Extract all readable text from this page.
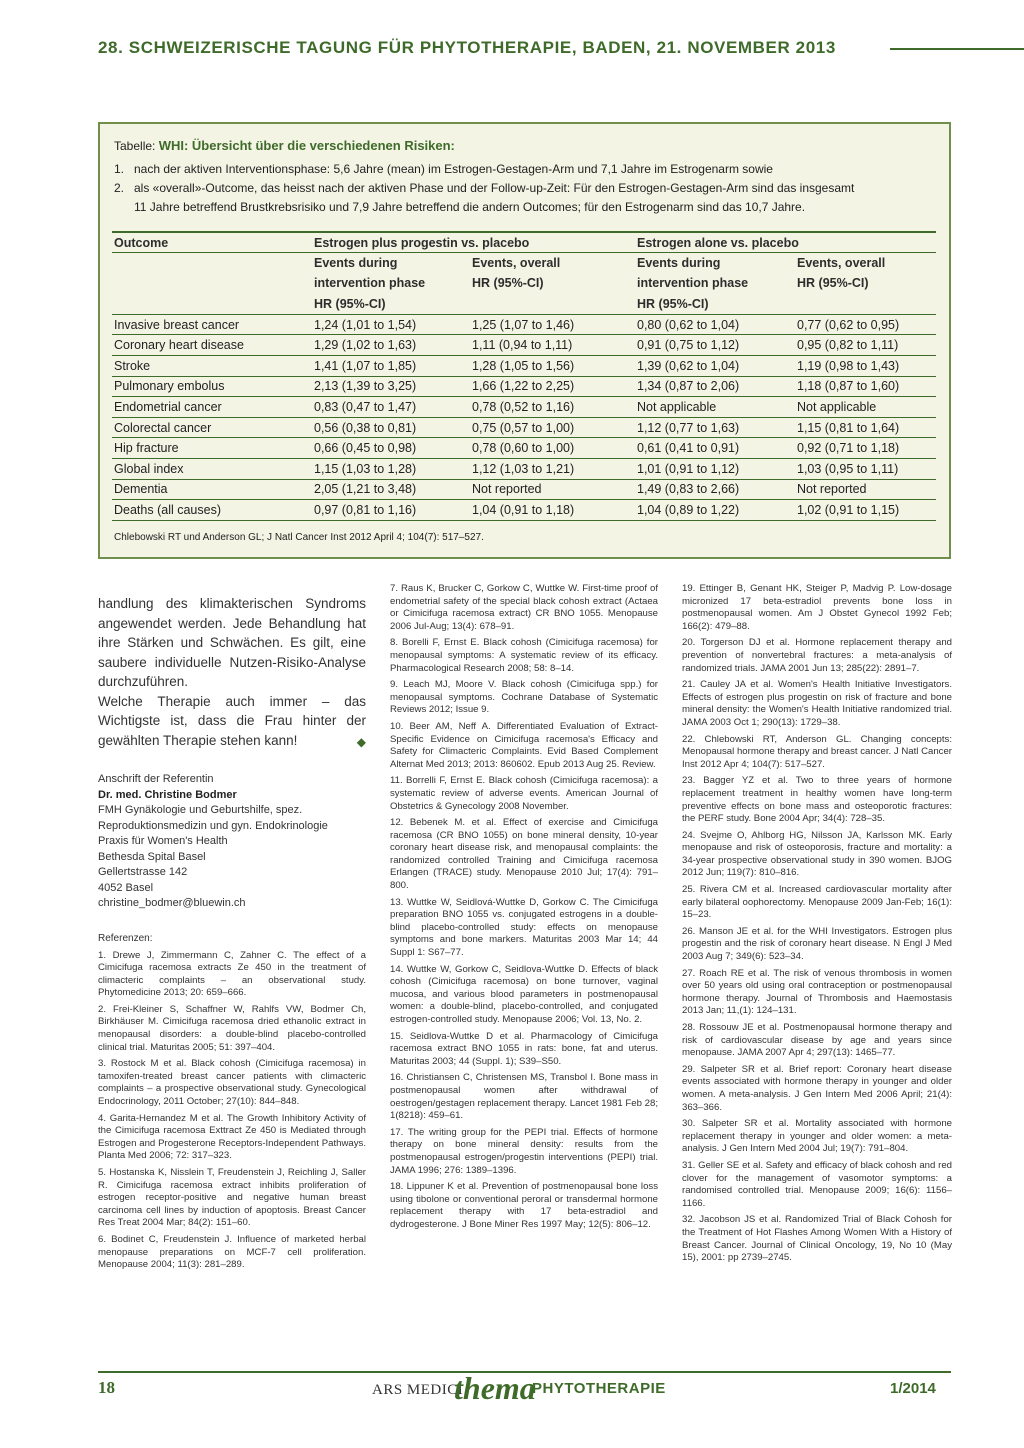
28. SCHWEIZERISCHE TAGUNG FÜR PHYTOTHERAPIE, BADEN, 21. NOVEMBER 2013
Tabelle: WHI: Übersicht über die verschiedenen Risiken:
1. nach der aktiven Interventionsphase: 5,6 Jahre (mean) im Estrogen-Gestagen-Arm und 7,1 Jahre im Estrogenarm sowie
2. als «overall»-Outcome, das heisst nach der aktiven Phase und der Follow-up-Zeit: Für den Estrogen-Gestagen-Arm sind das insgesamt
11 Jahre betreffend Brustkrebsrisiko und 7,9 Jahre betreffend die andern Outcomes; für den Estrogenarm sind das 10,7 Jahre.
Outcome	Estrogen plus progestin vs. placebo		Estrogen alone vs. placebo	
	Events during	Events, overall	Events during	Events, overall
	intervention phase	HR (95%-CI)	intervention phase	HR (95%-CI)
	HR (95%-CI)		HR (95%-CI)	
Invasive breast cancer	1,24 (1,01 to 1,54)	1,25 (1,07 to 1,46)	0,80 (0,62 to 1,04)	0,77 (0,62 to 0,95)
Coronary heart disease	1,29 (1,02 to 1,63)	1,11 (0,94 to 1,11)	0,91 (0,75 to 1,12)	0,95 (0,82 to 1,11)
Stroke	1,41 (1,07 to 1,85)	1,28 (1,05 to 1,56)	1,39 (0,62 to 1,04)	1,19 (0,98 to 1,43)
Pulmonary embolus	2,13 (1,39 to 3,25)	1,66 (1,22 to 2,25)	1,34 (0,87 to 2,06)	1,18 (0,87 to 1,60)
Endometrial cancer	0,83 (0,47 to 1,47)	0,78 (0,52 to 1,16)	Not applicable	Not applicable
Colorectal cancer	0,56 (0,38 to 0,81)	0,75 (0,57 to 1,00)	1,12 (0,77 to 1,63)	1,15 (0,81 to 1,64)
Hip fracture	0,66 (0,45 to 0,98)	0,78 (0,60 to 1,00)	0,61 (0,41 to 0,91)	0,92 (0,71 to 1,18)
Global index	1,15 (1,03 to 1,28)	1,12 (1,03 to 1,21)	1,01 (0,91 to 1,12)	1,03 (0,95 to 1,11)
Dementia	2,05 (1,21 to 3,48)	Not reported	1,49 (0,83 to 2,66)	Not reported
Deaths (all causes)	0,97 (0,81 to 1,16)	1,04 (0,91 to 1,18)	1,04 (0,89 to 1,22)	1,02 (0,91 to 1,15)
Chlebowski RT und Anderson GL; J Natl Cancer Inst 2012 April 4; 104(7): 517–527.

handlung des klimakterischen Syndroms angewendet werden. Jede Behandlung hat ihre Stärken und Schwächen. Es gilt, eine saubere individuelle Nutzen-Risiko-Analyse durchzuführen.

Welche Therapie auch immer – das Wichtigste ist, dass die Frau hinter der gewählten Therapie stehen kann!	◆

Anschrift der Referentin
Dr. med. Christine Bodmer
FMH Gynäkologie und Geburtshilfe, spez.
Reproduktionsmedizin und gyn. Endokrinologie
Praxis für Women's Health
Bethesda Spital Basel
Gellertstrasse 142
4052 Basel
christine_bodmer@bluewin.ch
Referenzen:

1. Drewe J, Zimmermann C, Zahner C. The effect of a Cimicifuga racemosa extracts Ze 450 in the treatment of climacteric complaints – an observational study. Phytomedicine 2013; 20: 659–666.

2. Frei-Kleiner S, Schaffner W, Rahlfs VW, Bodmer Ch, Birkhäuser M. Cimicifuga racemosa dried ethanolic extract in menopausal disorders: a double-blind placebo-controlled clinical trial. Maturitas 2005; 51: 397–404.

3. Rostock M et al. Black cohosh (Cimicifuga racemosa) in tamoxifen-treated breast cancer patients with climacteric complaints – a prospective observational study. Gynecological Endocrinology, 2011 October; 27(10): 844–848.

4. Garita-Hernandez M et al. The Growth Inhibitory Activity of the Cimicifuga racemosa Exttract Ze 450 is Mediated through Estrogen and Progesterone Receptors-Independent Pathways. Planta Med 2006; 72: 317–323.

5. Hostanska K, Nisslein T, Freudenstein J, Reichling J, Saller R. Cimicifuga racemosa extract inhibits proliferation of estrogen receptor-positive and negative human breast carcinoma cell lines by induction of apoptosis. Breast Cancer Res Treat 2004 Mar; 84(2): 151–60.

6. Bodinet C, Freudenstein J. Influence of marketed herbal menopause preparations on MCF-7 cell proliferation. Menopause 2004; 11(3): 281–289.

7. Raus K, Brucker C, Gorkow C, Wuttke W. First-time proof of endometrial safety of the special black cohosh extract (Actaea or Cimicifuga racemosa extract) CR BNO 1055. Menopause 2006 Jul-Aug; 13(4): 678–91.

8. Borelli F, Ernst E. Black cohosh (Cimicifuga racemosa) for menopausal symptoms: A systematic review of its efficacy. Pharmacological Research 2008; 58: 8–14.

9. Leach MJ, Moore V. Black cohosh (Cimicifuga spp.) for menopausal symptoms. Cochrane Database of Systematic Reviews 2012; Issue 9.

10. Beer AM, Neff A. Differentiated Evaluation of Extract-Specific Evidence on Cimicifuga racemosa's Efficacy and Safety for Climacteric Complaints. Evid Based Complement Alternat Med 2013; 2013: 860602. Epub 2013 Aug 25. Review.

11. Borrelli F, Ernst E. Black cohosh (Cimicifuga racemosa): a systematic review of adverse events. American Journal of Obstetrics & Gynecology 2008 November.

12. Bebenek M. et al. Effect of exercise and Cimicifuga racemosa (CR BNO 1055) on bone mineral density, 10-year coronary heart disease risk, and menopausal complaints: the randomized controlled Training and Cimicifuga racemosa Erlangen (TRACE) study. Menopause 2010 Jul; 17(4): 791–800.

13. Wuttke W, Seidlová-Wuttke D, Gorkow C. The Cimicifuga preparation BNO 1055 vs. conjugated estrogens in a double-blind placebo-controlled study: effects on menopause symptoms and bone markers. Maturitas 2003 Mar 14; 44 Suppl 1: S67–77.

14. Wuttke W, Gorkow C, Seidlova-Wuttke D. Effects of black cohosh (Cimicifuga racemosa) on bone turnover, vaginal mucosa, and various blood parameters in postmenopausal women: a double-blind, placebo-controlled, and conjugated estrogen-controlled study. Menopause 2006; Vol. 13, No. 2.

15. Seidlova-Wuttke D et al. Pharmacology of Cimicifuga racemosa extract BNO 1055 in rats: bone, fat and uterus. Maturitas 2003; 44 (Suppl. 1); S39–S50.

16. Christiansen C, Christensen MS, Transbol I. Bone mass in postmenopausal women after withdrawal of oestrogen/gestagen replacement therapy. Lancet 1981 Feb 28; 1(8218): 459–61.

17. The writing group for the PEPI trial. Effects of hormone therapy on bone mineral density: results from the postmenopausal estrogen/progestin interventions (PEPI) trial. JAMA 1996; 276: 1389–1396.

18. Lippuner K et al. Prevention of postmenopausal bone loss using tibolone or conventional peroral or transdermal hormone replacement therapy with 17 beta-estradiol and dydrogesterone. J Bone Miner Res 1997 May; 12(5): 806–12.

19. Ettinger B, Genant HK, Steiger P, Madvig P. Low-dosage micronized 17 beta-estradiol prevents bone loss in postmenopausal women. Am J Obstet Gynecol 1992 Feb; 166(2): 479–88.

20. Torgerson DJ et al. Hormone replacement therapy and prevention of nonvertebral fractures: a meta-analysis of randomized trials. JAMA 2001 Jun 13; 285(22): 2891–7.

21. Cauley JA et al. Women's Health Initiative Investigators. Effects of estrogen plus progestin on risk of fracture and bone mineral density: the Women's Health Initiative randomized trial. JAMA 2003 Oct 1; 290(13): 1729–38.

22. Chlebowski RT, Anderson GL. Changing concepts: Menopausal hormone therapy and breast cancer. J Natl Cancer Inst 2012 Apr 4; 104(7): 517–527.

23. Bagger YZ et al. Two to three years of hormone replacement treatment in healthy women have long-term preventive effects on bone mass and osteoporotic fractures: the PERF study. Bone 2004 Apr; 34(4): 728–35.

24. Svejme O, Ahlborg HG, Nilsson JA, Karlsson MK. Early menopause and risk of osteoporosis, fracture and mortality: a 34-year prospective observational study in 390 women. BJOG 2012 Jun; 119(7): 810–816.

25. Rivera CM et al. Increased cardiovascular mortality after early bilateral oophorectomy. Menopause 2009 Jan-Feb; 16(1): 15–23.

26. Manson JE et al. for the WHI Investigators. Estrogen plus progestin and the risk of coronary heart disease. N Engl J Med 2003 Aug 7; 349(6): 523–34.

27. Roach RE et al. The risk of venous thrombosis in women over 50 years old using oral contraception or postmenopausal hormone therapy. Journal of Thrombosis and Haemostasis 2013 Jan; 11,(1): 124–131.

28. Rossouw JE et al. Postmenopausal hormone therapy and risk of cardiovascular disease by age and years since menopause. JAMA 2007 Apr 4; 297(13): 1465–77.

29. Salpeter SR et al. Brief report: Coronary heart disease events associated with hormone therapy in younger and older women. A meta-analysis. J Gen Intern Med 2006 April; 21(4): 363–366.

30. Salpeter SR et al. Mortality associated with hormone replacement therapy in younger and older women: a meta-analysis. J Gen Intern Med 2004 Jul; 19(7): 791–804.

31. Geller SE et al. Safety and efficacy of black cohosh and red clover for the management of vasomotor symptoms: a randomised controlled trial. Menopause 2009; 16(6): 1156–1166.

32. Jacobson JS et al. Randomized Trial of Black Cohosh for the Treatment of Hot Flashes Among Women With a History of Breast Cancer. Journal of Clinical Oncology, 19, No 10 (May 15), 2001: pp 2739–2745.

18	ARS MEDICI
thema
PHYTOTHERAPIE	1/2014
